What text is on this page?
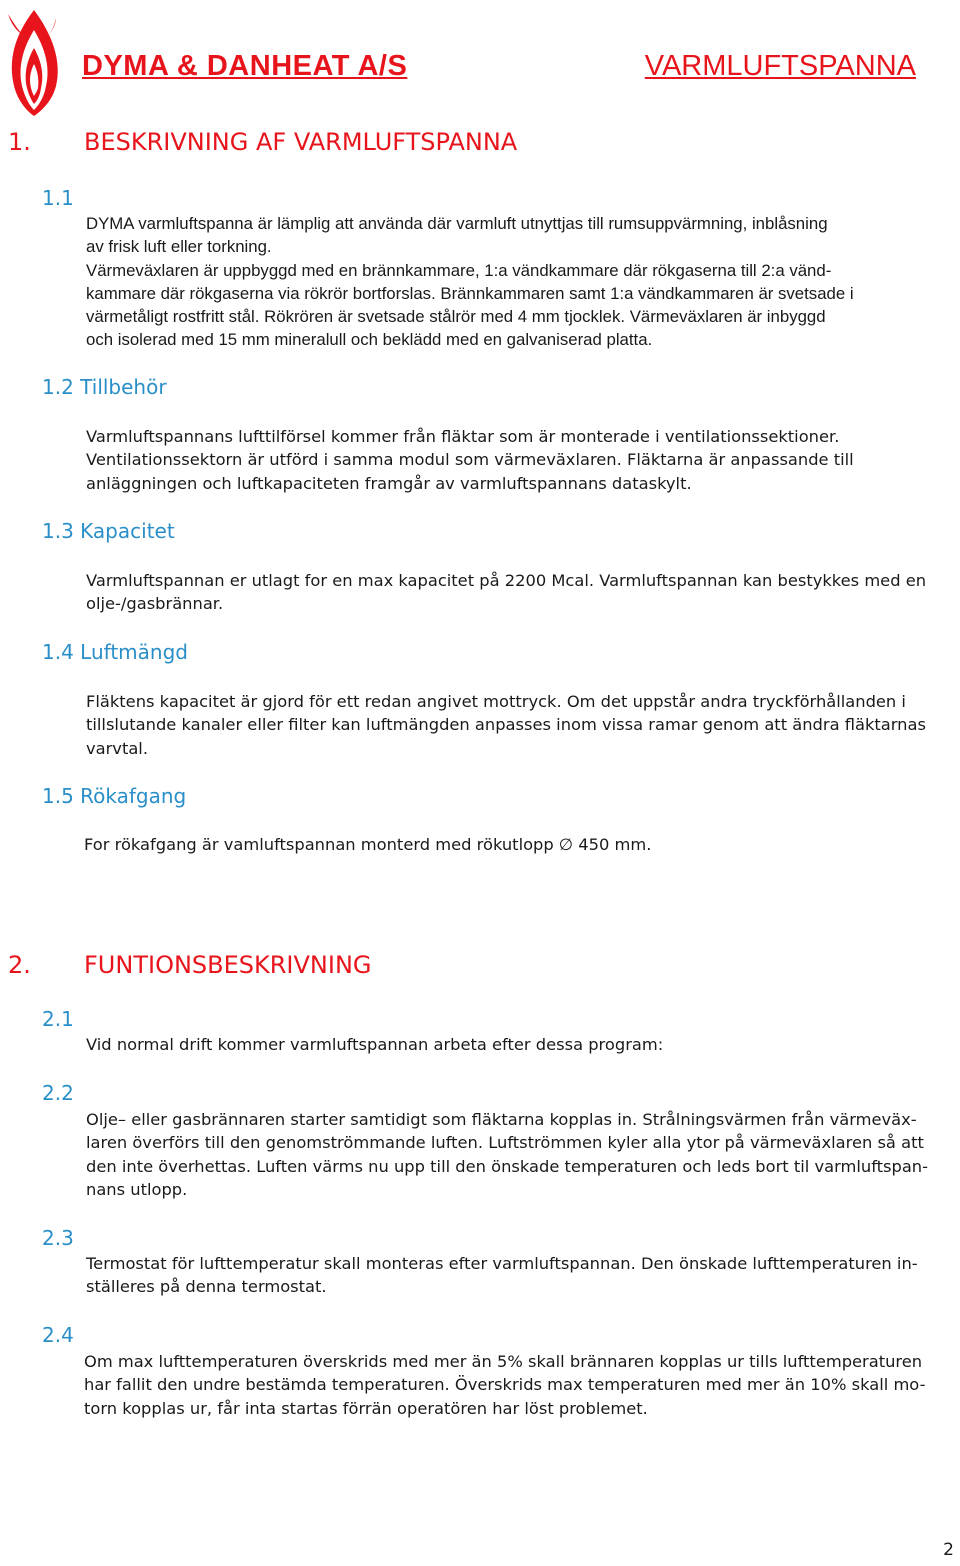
DYMA & DANHEAT A/S	VARMLUFTSPANNA
1. BESKRIVNING AF VARMLUFTSPANNA
1.1
DYMA varmluftspanna är lämplig att använda där varmluft utnyttjas till rumsuppvärmning, inblåsning
av frisk luft eller torkning.
Värmeväxlaren är uppbyggd med en brännkammare, 1:a vändkammare där rökgaserna till 2:a vänd-
kammare där rökgaserna via rökrör bortforslas. Brännkammaren samt 1:a vändkammaren är svetsade i
värmetåligt rostfritt stål. Rökrören är svetsade stålrör med 4 mm tjocklek. Värmeväxlaren är inbyggd
och isolerad med 15 mm mineralull och beklädd med en galvaniserad platta.
1.2 Tillbehör
Varmluftspannans lufttilförsel kommer från fläktar som är monterade i ventilationssektioner.
Ventilationssektorn är utförd i samma modul som värmeväxlaren. Fläktarna är anpassande till
anläggningen och luftkapaciteten framgår av varmluftspannans dataskylt.
1.3 Kapacitet
Varmluftspannan er utlagt for en max kapacitet på 2200 Mcal. Varmluftspannan kan bestykkes med en
olje-/gasbrännar.
1.4 Luftmängd
Fläktens kapacitet är gjord för ett redan angivet mottryck. Om det uppstår andra tryckförhållanden i
tillslutande kanaler eller filter kan luftmängden anpasses inom vissa ramar genom att ändra fläktarnas
varvtal.
1.5 Rökafgang
For rökafgang är vamluftspannan monterd med rökutlopp ∅ 450 mm.
2. FUNTIONSBESKRIVNING
2.1
Vid normal drift kommer varmluftspannan arbeta efter dessa program:
2.2
Olje– eller gasbrännaren starter samtidigt som fläktarna kopplas in. Strålningsvärmen från värmeväx-
laren överförs till den genomströmmande luften. Luftströmmen kyler alla ytor på värmeväxlaren så att
den inte överhettas. Luften värms nu upp till den önskade temperaturen och leds bort til varmluftspan-
nans utlopp.
2.3
Termostat för lufttemperatur skall monteras efter varmluftspannan. Den önskade lufttemperaturen in-
ställeres på denna termostat.
2.4
Om max lufttemperaturen överskrids med mer än 5% skall brännaren kopplas ur tills lufttemperaturen
har fallit den undre bestämda temperaturen. Överskrids max temperaturen med mer än 10% skall mo-
torn kopplas ur, får inta startas förrän operatören har löst problemet.
2
